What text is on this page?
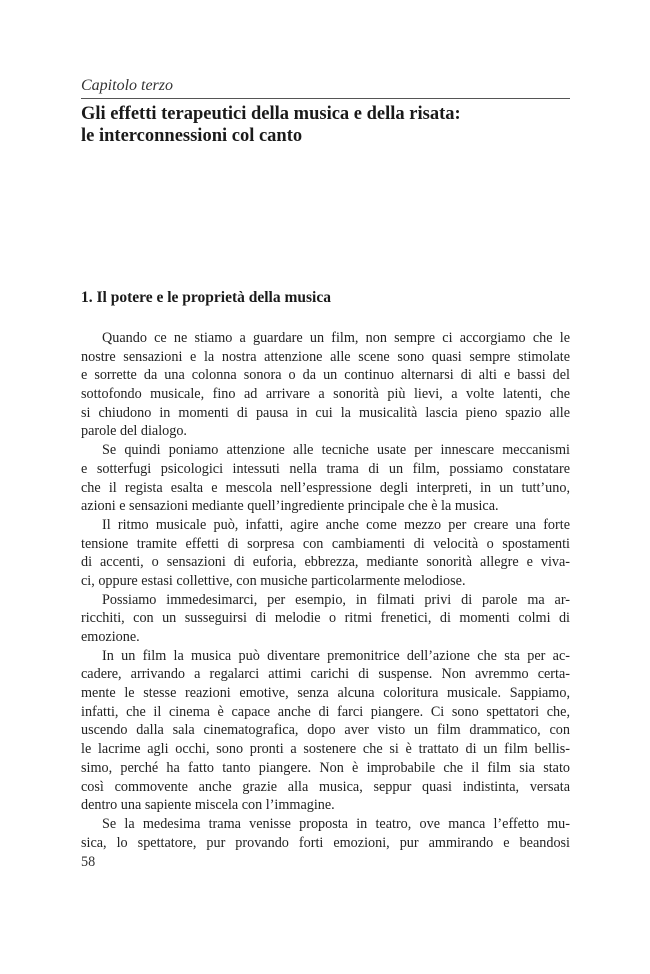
Capitolo terzo
Gli effetti terapeutici della musica e della risata:
le interconnessioni col canto
1. Il potere e le proprietà della musica
Quando ce ne stiamo a guardare un film, non sempre ci accorgiamo che le
nostre sensazioni e la nostra attenzione alle scene sono quasi sempre stimolate
e sorrette da una colonna sonora o da un continuo alternarsi di alti e bassi del
sottofondo musicale, fino ad arrivare a sonorità più lievi, a volte latenti, che
si chiudono in momenti di pausa in cui la musicalità lascia pieno spazio alle
parole del dialogo.
Se quindi poniamo attenzione alle tecniche usate per innescare meccanismi
e sotterfugi psicologici intessuti nella trama di un film, possiamo constatare
che il regista esalta e mescola nell’espressione degli interpreti, in un tutt’uno,
azioni e sensazioni mediante quell’ingrediente principale che è la musica.
Il ritmo musicale può, infatti, agire anche come mezzo per creare una forte
tensione tramite effetti di sorpresa con cambiamenti di velocità o spostamenti
di accenti, o sensazioni di euforia, ebbrezza, mediante sonorità allegre e viva-
ci, oppure estasi collettive, con musiche particolarmente melodiose.
Possiamo immedesimarci, per esempio, in filmati privi di parole ma ar-
ricchiti, con un susseguirsi di melodie o ritmi frenetici, di momenti colmi di
emozione.
In un film la musica può diventare premonitrice dell’azione che sta per ac-
cadere, arrivando a regalarci attimi carichi di suspense. Non avremmo certa-
mente le stesse reazioni emotive, senza alcuna coloritura musicale. Sappiamo,
infatti, che il cinema è capace anche di farci piangere. Ci sono spettatori che,
uscendo dalla sala cinematografica, dopo aver visto un film drammatico, con
le lacrime agli occhi, sono pronti a sostenere che si è trattato di un film bellis-
simo, perché ha fatto tanto piangere. Non è improbabile che il film sia stato
così commovente anche grazie alla musica, seppur quasi indistinta, versata
dentro una sapiente miscela con l’immagine.
Se la medesima trama venisse proposta in teatro, ove manca l’effetto mu-
sica, lo spettatore, pur provando forti emozioni, pur ammirando e beandosi
58
